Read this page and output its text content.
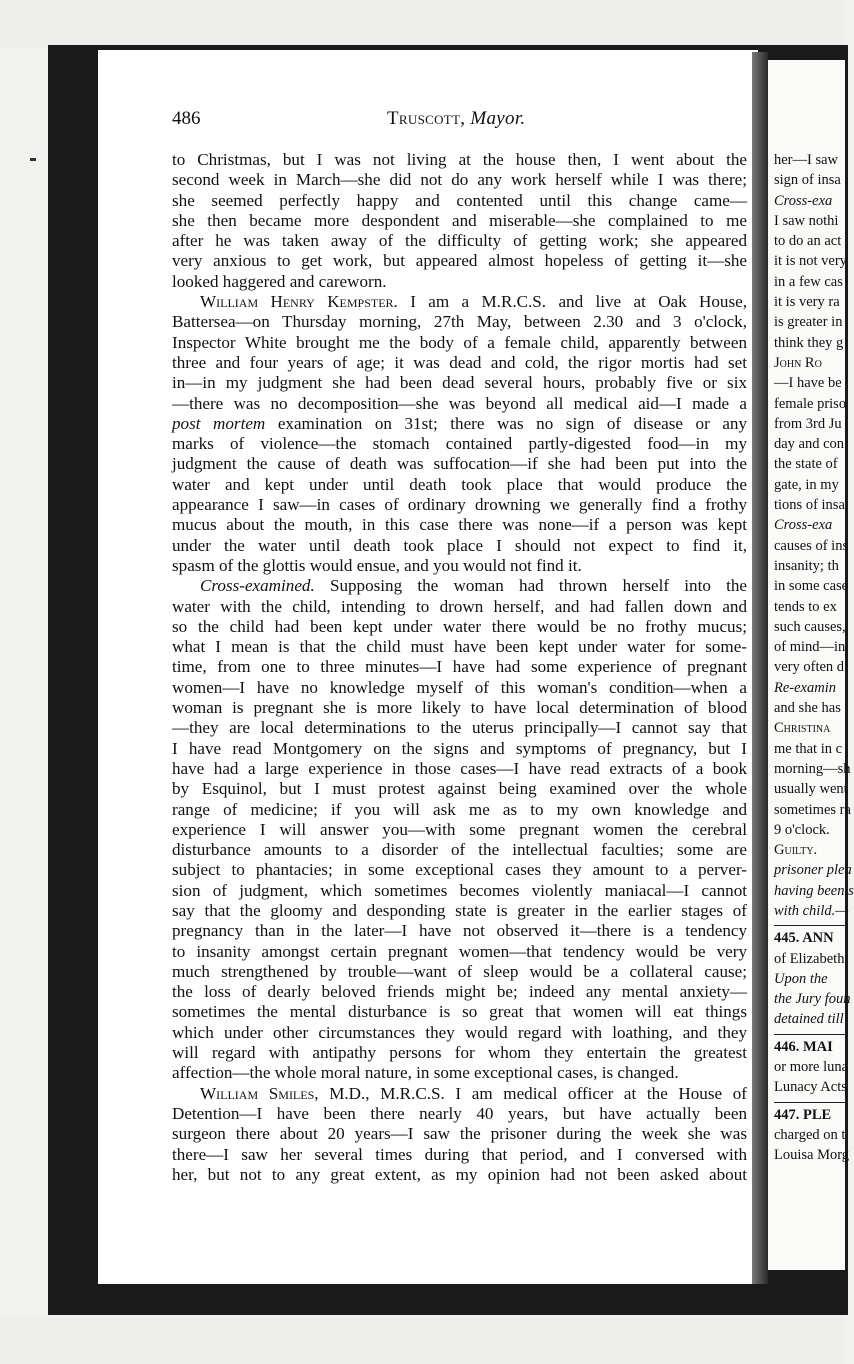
486	Truscott, Mayor.
to Christmas, but I was not living at the house then, I went about the
second week in March—she did not do any work herself while I was there;
she seemed perfectly happy and contented until this change came—
she then became more despondent and miserable—she complained to me
after he was taken away of the difficulty of getting work; she appeared
very anxious to get work, but appeared almost hopeless of getting it—she
looked haggered and careworn.
William Henry Kempster. I am a M.R.C.S. and live at Oak House,
Battersea—on Thursday morning, 27th May, between 2.30 and 3 o'clock,
Inspector White brought me the body of a female child, apparently between
three and four years of age; it was dead and cold, the rigor mortis had set
in—in my judgment she had been dead several hours, probably five or six
—there was no decomposition—she was beyond all medical aid—I made a
post mortem examination on 31st; there was no sign of disease or any
marks of violence—the stomach contained partly-digested food—in my
judgment the cause of death was suffocation—if she had been put into the
water and kept under until death took place that would produce the
appearance I saw—in cases of ordinary drowning we generally find a frothy
mucus about the mouth, in this case there was none—if a person was kept
under the water until death took place I should not expect to find it,
spasm of the glottis would ensue, and you would not find it.
Cross-examined. Supposing the woman had thrown herself into the
water with the child, intending to drown herself, and had fallen down and
so the child had been kept under water there would be no frothy mucus;
what I mean is that the child must have been kept under water for some-
time, from one to three minutes—I have had some experience of pregnant
women—I have no knowledge myself of this woman's condition—when a
woman is pregnant she is more likely to have local determination of blood
—they are local determinations to the uterus principally—I cannot say that
I have read Montgomery on the signs and symptoms of pregnancy, but I
have had a large experience in those cases—I have read extracts of a book
by Esquinol, but I must protest against being examined over the whole
range of medicine; if you will ask me as to my own knowledge and
experience I will answer you—with some pregnant women the cerebral
disturbance amounts to a disorder of the intellectual faculties; some are
subject to phantacies; in some exceptional cases they amount to a perver-
sion of judgment, which sometimes becomes violently maniacal—I cannot
say that the gloomy and desponding state is greater in the earlier stages of
pregnancy than in the later—I have not observed it—there is a tendency
to insanity amongst certain pregnant women—that tendency would be very
much strengthened by trouble—want of sleep would be a collateral cause;
the loss of dearly beloved friends might be; indeed any mental anxiety—
sometimes the mental disturbance is so great that women will eat things
which under other circumstances they would regard with loathing, and they
will regard with antipathy persons for whom they entertain the greatest
affection—the whole moral nature, in some exceptional cases, is changed.
William Smiles, M.D., M.R.C.S. I am medical officer at the House of
Detention—I have been there nearly 40 years, but have actually been
surgeon there about 20 years—I saw the prisoner during the week she was
there—I saw her several times during that period, and I conversed with
her, but not to any great extent, as my opinion had not been asked about
her—I saw
sign of insa
Cross-exa
I saw nothi
to do an act
it is not very
in a few cas
it is very ra
is greater in
think they g
John Ro
—I have be
female priso
from 3rd Ju
day and con
the state of
gate, in my
tions of insa
Cross-exa
causes of ins
insanity; th
in some case
tends to ex
such causes,
of mind—in
very often d
Re-examin
and she has
Christina
me that in c
morning—sh
usually went
sometimes ra
9 o'clock.
Guilty.
prisoner plea
having been s
with child.—
445. ANN
of Elizabeth
Upon the
the Jury foun
detained till
446. MAI
or more luna
Lunacy Acts
447. PLE
charged on t
Louisa Morg
